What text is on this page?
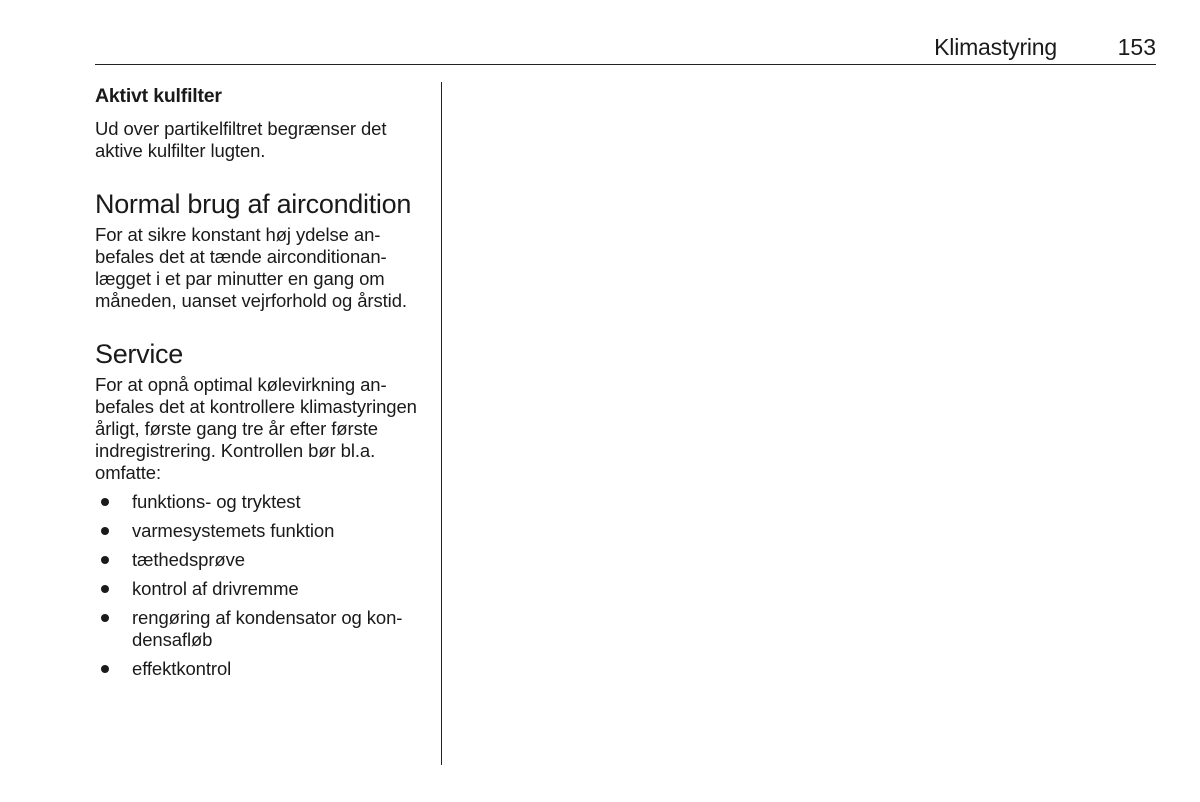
Klimastyring	153
Aktivt kulfilter

Ud over partikelfiltret begrænser det aktive kulfilter lugten.

Normal brug af aircondition

For at sikre konstant høj ydelse anbefales det at tænde airconditionanlægget i et par minutter en gang om måneden, uanset vejrforhold og årstid.

Service

For at opnå optimal kølevirkning anbefales det at kontrollere klimastyringen årligt, første gang tre år efter første indregistrering. Kontrollen bør bl.a. omfatte:

funktions- og tryktest
varmesystemets funktion
tæthedsprøve
kontrol af drivremme
rengøring af kondensator og kondensafløb
effektkontrol
